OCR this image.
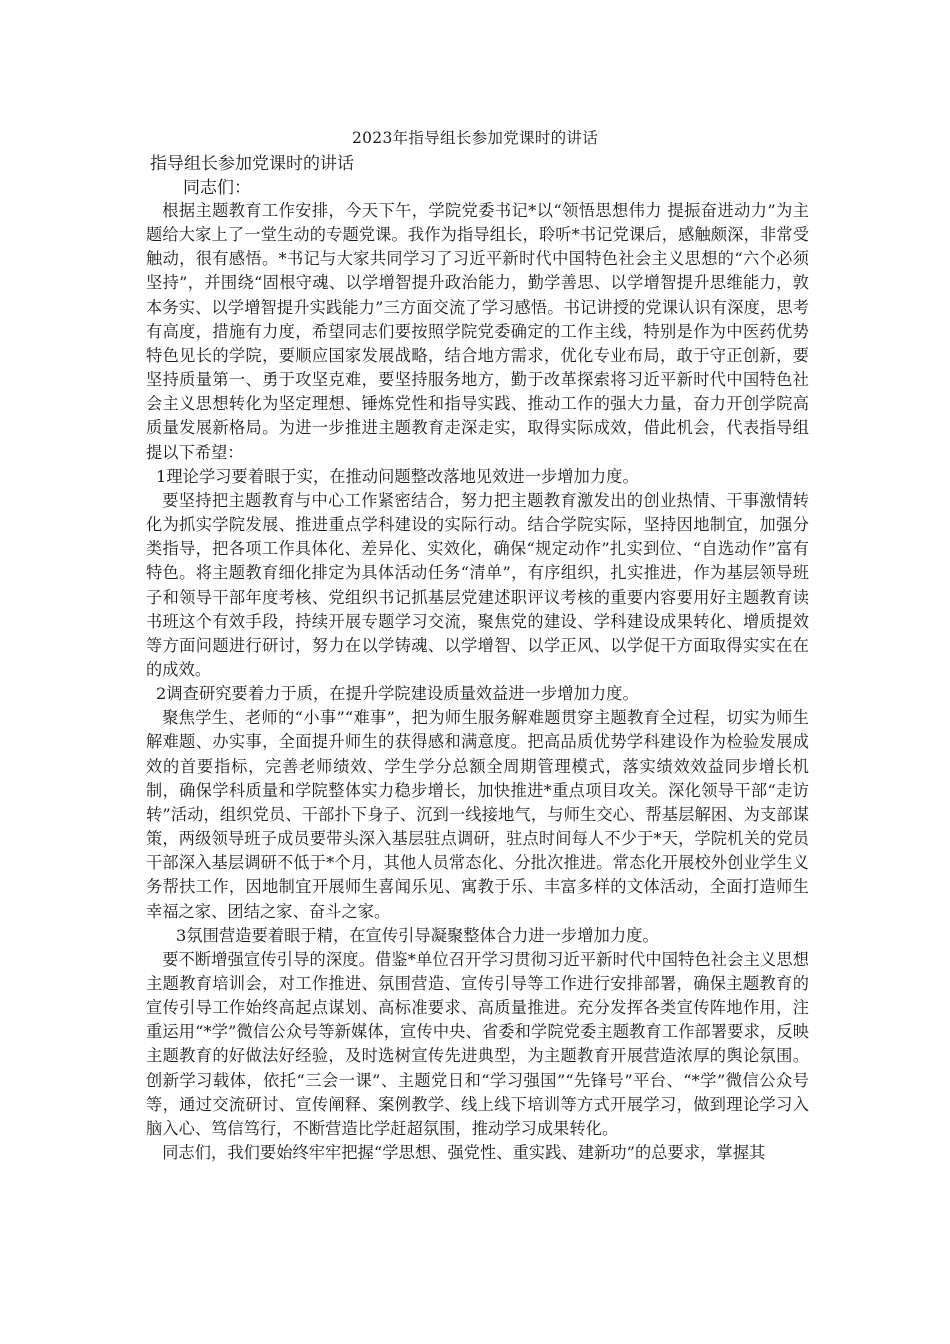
2023年指导组长参加党课时的讲话
指导组长参加党课时的讲话
同志们：

根据主题教育工作安排，今天下午，学院党委书记*以“领悟思想伟力 提振奋进动力”为主题给大家上了一堂生动的专题党课。我作为指导组长，聆听*书记党课后，感触颇深，非常受触动，很有感悟。*书记与大家共同学习了习近平新时代中国特色社会主义思想的“六个必须坚持”，并围绕“固根守魂、以学增智提升政治能力，勤学善思、以学增智提升思维能力，敦本务实、以学增智提升实践能力”三方面交流了学习感悟。书记讲授的党课认识有深度，思考有高度，措施有力度，希望同志们要按照学院党委确定的工作主线，特别是作为中医药优势特色见长的学院，要顺应国家发展战略，结合地方需求，优化专业布局，敢于守正创新，要坚持质量第一、勇于攻坚克难，要坚持服务地方，勤于改革探索将习近平新时代中国特色社会主义思想转化为坚定理想、锤炼党性和指导实践、推动工作的强大力量，奋力开创学院高质量发展新格局。为进一步推进主题教育走深走实，取得实际成效，借此机会，代表指导组提以下希望：

1理论学习要着眼于实，在推动问题整改落地见效进一步增加力度。

要坚持把主题教育与中心工作紧密结合，努力把主题教育激发出的创业热情、干事激情转化为抓实学院发展、推进重点学科建设的实际行动。结合学院实际，坚持因地制宜，加强分类指导，把各项工作具体化、差异化、实效化，确保“规定动作”扎实到位、“自选动作”富有特色。将主题教育细化排定为具体活动任务“清单”，有序组织，扎实推进，作为基层领导班子和领导干部年度考核、党组织书记抓基层党建述职评议考核的重要内容要用好主题教育读书班这个有效手段，持续开展专题学习交流，聚焦党的建设、学科建设成果转化、增质提效等方面问题进行研讨，努力在以学铸魂、以学增智、以学正风、以学促干方面取得实实在在的成效。

2调查研究要着力于质，在提升学院建设质量效益进一步增加力度。

聚焦学生、老师的“小事”“难事”，把为师生服务解难题贯穿主题教育全过程，切实为师生解难题、办实事，全面提升师生的获得感和满意度。把高品质优势学科建设作为检验发展成效的首要指标，完善老师绩效、学生学分总额全周期管理模式，落实绩效效益同步增长机制，确保学科质量和学院整体实力稳步增长，加快推进*重点项目攻关。深化领导干部“走访转”活动，组织党员、干部扑下身子、沉到一线接地气，与师生交心、帮基层解困、为支部谋策，两级领导班子成员要带头深入基层驻点调研，驻点时间每人不少于*天，学院机关的党员干部深入基层调研不低于*个月，其他人员常态化、分批次推进。常态化开展校外创业学生义务帮扶工作，因地制宜开展师生喜闻乐见、寓教于乐、丰富多样的文体活动，全面打造师生幸福之家、团结之家、奋斗之家。

3氛围营造要着眼于精，在宣传引导凝聚整体合力进一步增加力度。

要不断增强宣传引导的深度。借鉴*单位召开学习贯彻习近平新时代中国特色社会主义思想主题教育培训会，对工作推进、氛围营造、宣传引导等工作进行安排部署，确保主题教育的宣传引导工作始终高起点谋划、高标准要求、高质量推进。充分发挥各类宣传阵地作用，注重运用“*学”微信公众号等新媒体，宣传中央、省委和学院党委主题教育工作部署要求，反映主题教育的好做法好经验，及时选树宣传先进典型，为主题教育开展营造浓厚的舆论氛围。创新学习载体，依托“三会一课”、主题党日和“学习强国”“先锋号”平台、“*学”微信公众号等，通过交流研讨、宣传阐释、案例教学、线上线下培训等方式开展学习，做到理论学习入脑入心、笃信笃行，不断营造比学赶超氛围，推动学习成果转化。

同志们，我们要始终牢牢把握“学思想、强党性、重实践、建新功”的总要求，掌握其
